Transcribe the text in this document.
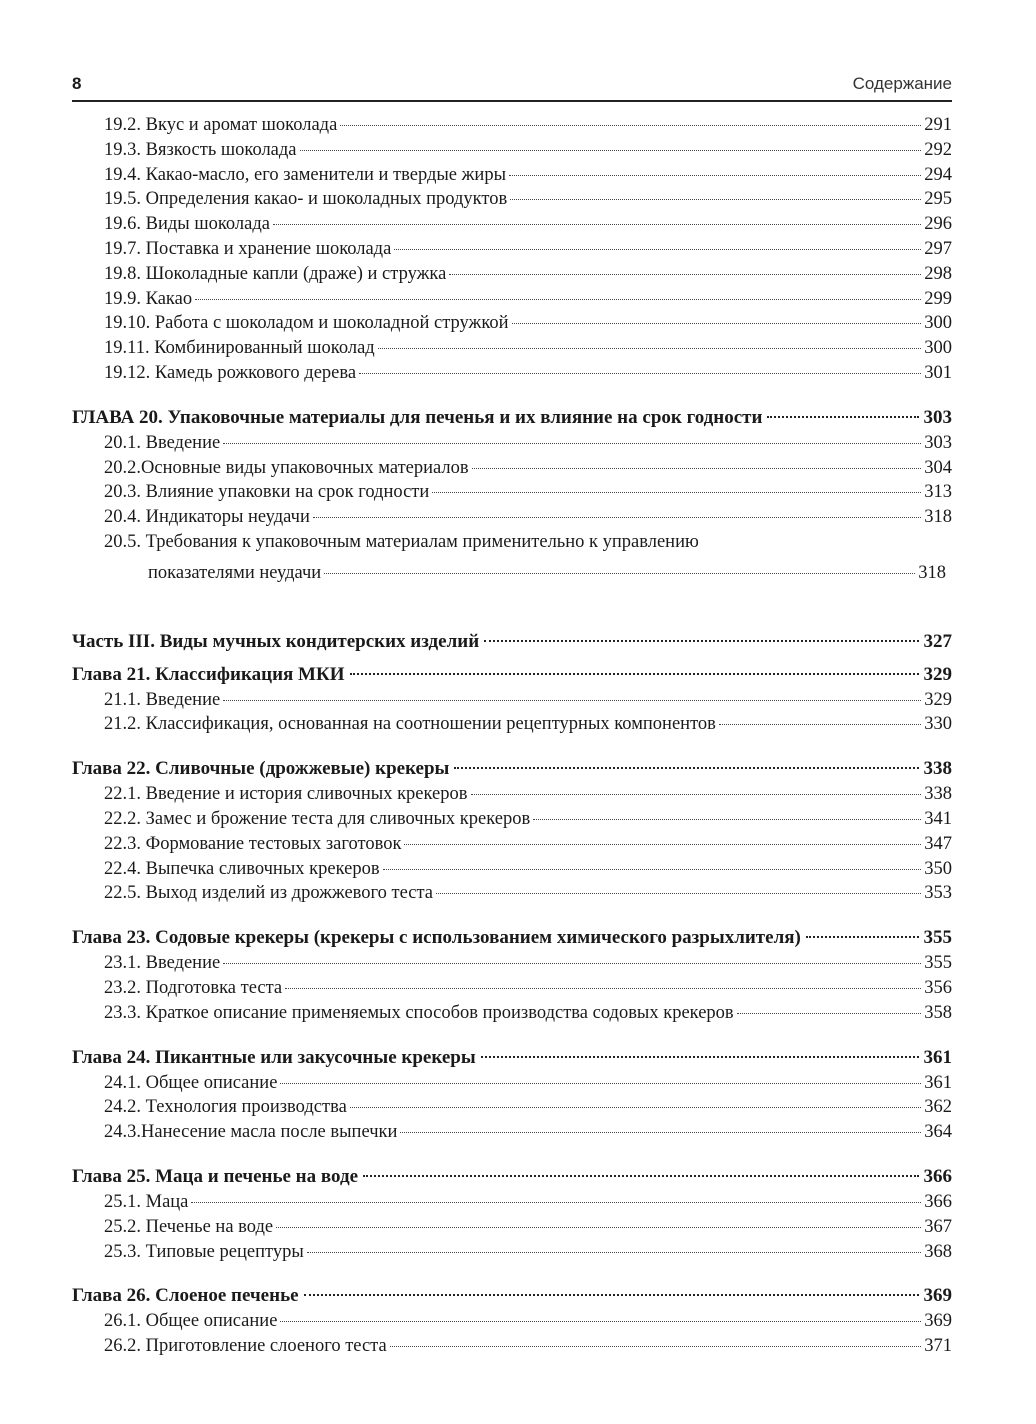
8	Содержание
19.2. Вкус и аромат шоколада	291
19.3. Вязкость шоколада	292
19.4. Какао-масло, его заменители и твердые жиры	294
19.5. Определения какао- и шоколадных продуктов	295
19.6. Виды шоколада	296
19.7. Поставка и хранение шоколада	297
19.8. Шоколадные капли (драже) и стружка	298
19.9. Какао	299
19.10. Работа с шоколадом и шоколадной стружкой	300
19.11. Комбинированный шоколад	300
19.12. Камедь рожкового дерева	301
ГЛАВА 20. Упаковочные материалы для печенья и их влияние на срок годности	303
20.1. Введение	303
20.2.Основные виды упаковочных материалов	304
20.3. Влияние упаковки на срок годности	313
20.4. Индикаторы неудачи	318
20.5. Требования к упаковочным материалам применительно к управлению
показателями неудачи	318
Часть III. Виды мучных кондитерских изделий	327
Глава 21. Классификация МКИ	329
21.1. Введение	329
21.2. Классификация, основанная на соотношении рецептурных компонентов	330
Глава 22. Сливочные (дрожжевые) крекеры	338
22.1. Введение и история сливочных крекеров	338
22.2. Замес и брожение теста для сливочных крекеров	341
22.3. Формование тестовых заготовок	347
22.4. Выпечка сливочных крекеров	350
22.5. Выход изделий из дрожжевого теста	353
Глава 23. Содовые крекеры (крекеры с использованием химического разрыхлителя)	355
23.1. Введение	355
23.2. Подготовка теста	356
23.3. Краткое описание применяемых способов производства содовых крекеров	358
Глава 24. Пикантные или закусочные крекеры	361
24.1. Общее описание	361
24.2. Технология производства	362
24.3.Нанесение масла после выпечки	364
Глава 25. Маца и печенье на воде	366
25.1. Маца	366
25.2. Печенье на воде	367
25.3. Типовые рецептуры	368
Глава 26. Слоеное печенье	369
26.1. Общее описание	369
26.2. Приготовление слоеного теста	371
